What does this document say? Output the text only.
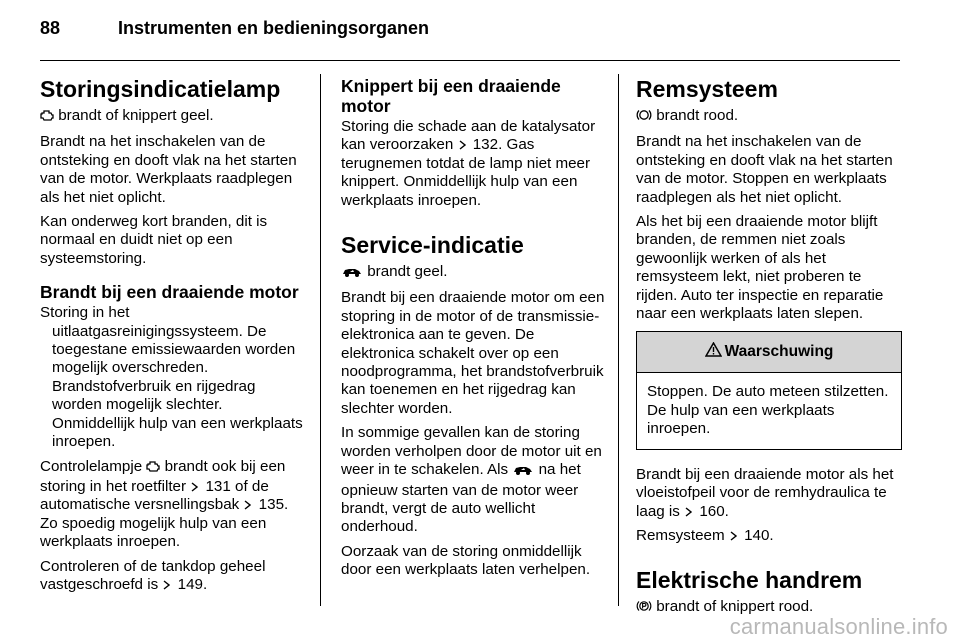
88	Instrumenten en bedieningsorganen
Storingsindicatielamp

brandt of knippert geel.

Brandt na het inschakelen van de ontsteking en dooft vlak na het starten van de motor. Werkplaats raadplegen als het niet oplicht.

Kan onderweg kort branden, dit is normaal en duidt niet op een systeemstoring.

Brandt bij een draaiende motor

Storing in het uitlaatgasreinigingssysteem. De toegestane emissiewaarden worden mogelijk overschreden. Brandstofverbruik en rijgedrag worden mogelijk slechter. Onmiddellijk hulp van een werkplaats inroepen.

Controlelampje  brandt ook bij een storing in het roetfilter  131 of de automatische versnellingsbak  135. Zo spoedig mogelijk hulp van een werkplaats inroepen.

Controleren of de tankdop geheel vastgeschroefd is  149.

Knippert bij een draaiende motor

Storing die schade aan de katalysator kan veroorzaken  132. Gas terugnemen totdat de lamp niet meer knippert. Onmiddellijk hulp van een werkplaats inroepen.

Service-indicatie

brandt geel.

Brandt bij een draaiende motor om een stopring in de motor of de transmissie-elektronica aan te geven. De elektronica schakelt over op een noodprogramma, het brandstofverbruik kan toenemen en het rijgedrag kan slechter worden.

In sommige gevallen kan de storing worden verholpen door de motor uit en weer in te schakelen. Als  na het opnieuw starten van de motor weer brandt, vergt de auto wellicht onderhoud.

Oorzaak van de storing onmiddellijk door een werkplaats laten verhelpen.

Remsysteem

brandt rood.

Brandt na het inschakelen van de ontsteking en dooft vlak na het starten van de motor. Stoppen en werkplaats raadplegen als het niet oplicht.

Als het bij een draaiende motor blijft branden, de remmen niet zoals gewoonlijk werken of als het remsysteem lekt, niet proberen te rijden. Auto ter inspectie en reparatie naar een werkplaats laten slepen.

Waarschuwing
Stoppen. De auto meteen stilzetten. De hulp van een werkplaats inroepen.

Brandt bij een draaiende motor als het vloeistofpeil voor de remhydraulica te laag is  160.

Remsysteem  140.

Elektrische handrem

brandt of knippert rood.

carmanualsonline.info
